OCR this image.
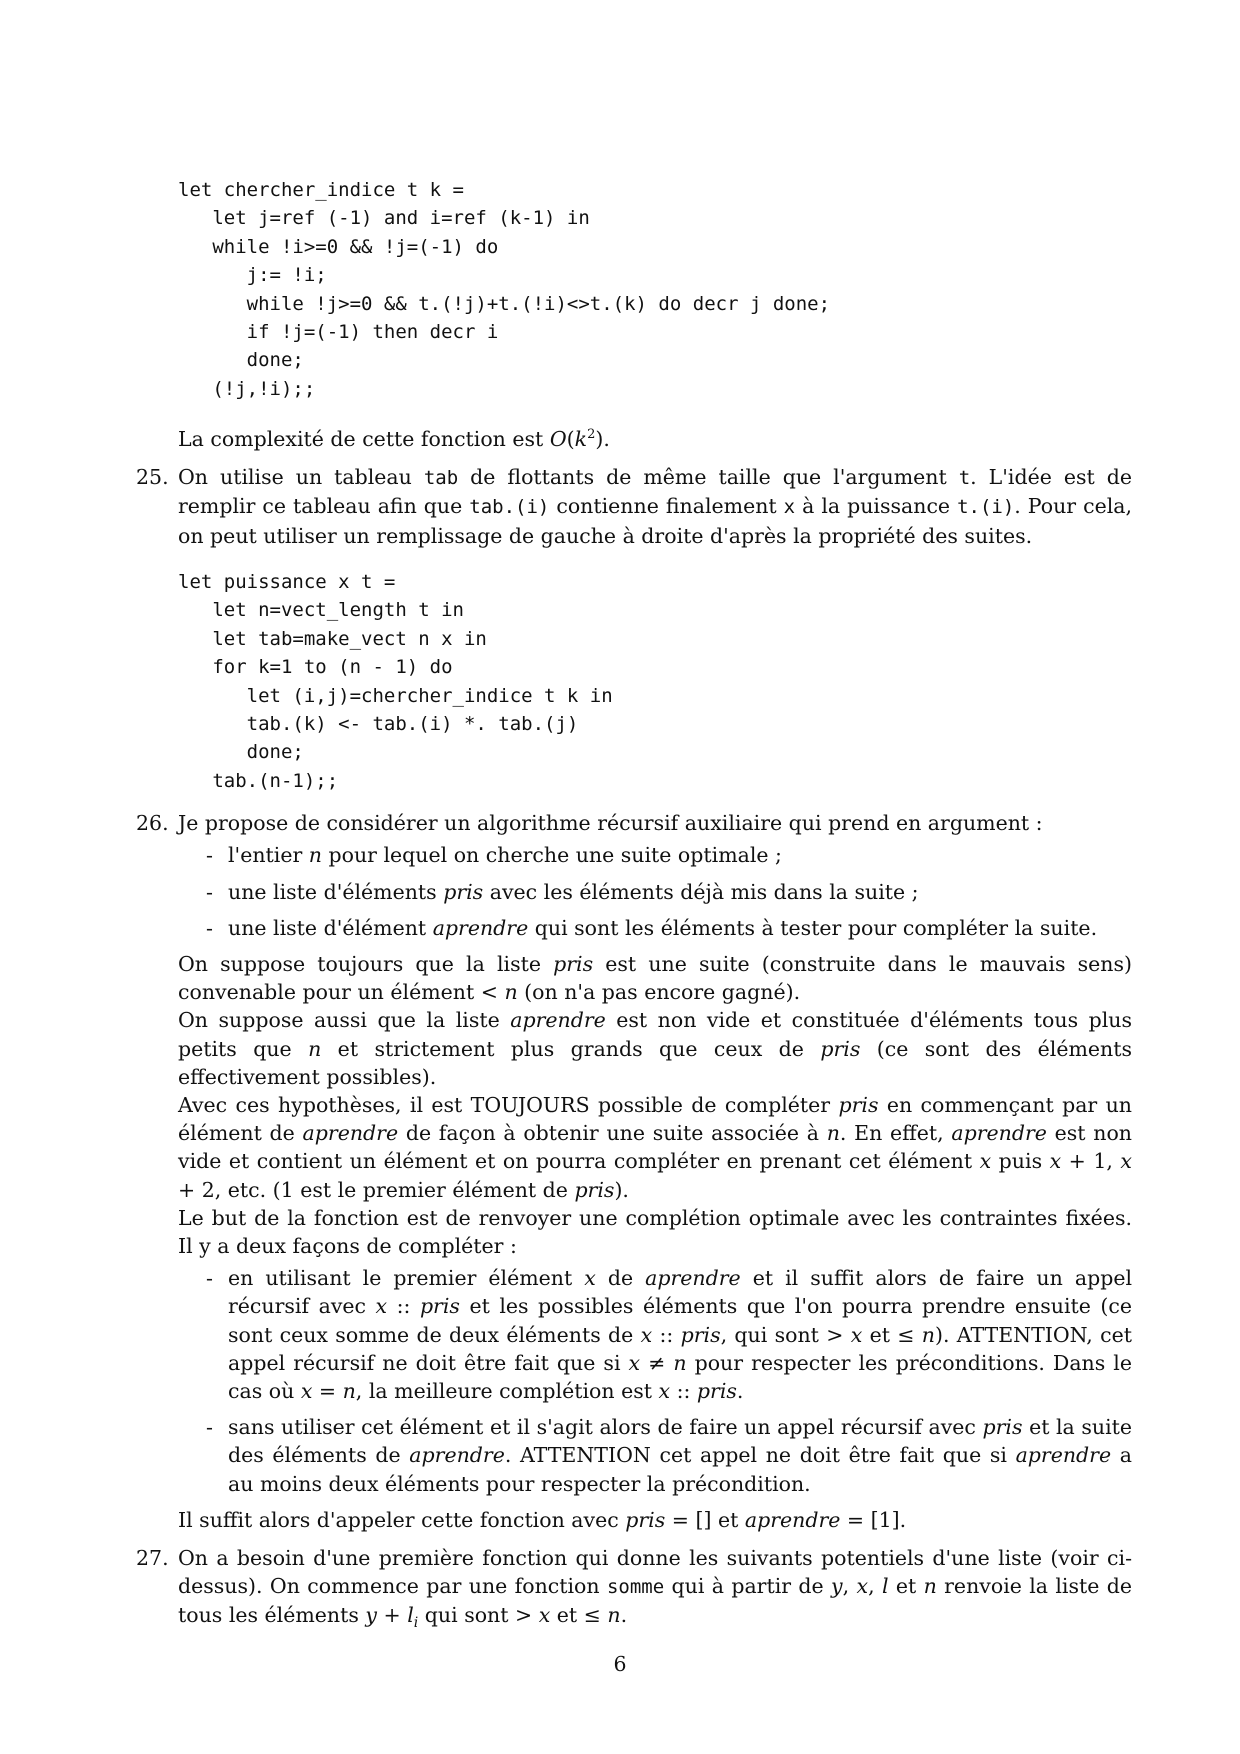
let chercher_indice t k =
let j=ref (-1) and i=ref (k-1) in
while !i>=0 && !j=(-1) do
j:= !i;
while !j>=0 && t.(!j)+t.(!i)<>t.(k) do decr j done;
if !j=(-1) then decr i
done;
(!j,!i);;

La complexité de cette fonction est $O(k^2)$.

25. On utilise un tableau tab de flottants de même taille que l'argument t. L'idée est de remplir ce tableau afin que tab.(i) contienne finalement x à la puissance t.(i). Pour cela, on peut utiliser un remplissage de gauche à droite d'après la propriété des suites.

let puissance x t =
let n=vect_length t in
let tab=make_vect n x in
for k=1 to (n - 1) do
let (i,j)=chercher_indice t k in
tab.(k) <- tab.(i) *. tab.(j)
done;
tab.(n-1);;
26. Je propose de considérer un algorithme récursif auxiliaire qui prend en argument :

- l'entier n pour lequel on cherche une suite optimale ;
- une liste d'éléments pris avec les éléments déjà mis dans la suite ;
- une liste d'élément aprendre qui sont les éléments à tester pour compléter la suite.

On suppose toujours que la liste pris est une suite (construite dans le mauvais sens) convenable pour un élément < n (on n'a pas encore gagné).

On suppose aussi que la liste aprendre est non vide et constituée d'éléments tous plus petits que n et strictement plus grands que ceux de pris (ce sont des éléments effectivement possibles).

Avec ces hypothèses, il est TOUJOURS possible de compléter pris en commençant par un élément de aprendre de façon à obtenir une suite associée à n. En effet, aprendre est non vide et contient un élément et on pourra compléter en prenant cet élément x puis x + 1, x + 2, etc. (1 est le premier élément de pris).

Le but de la fonction est de renvoyer une complétion optimale avec les contraintes fixées. Il y a deux façons de compléter :

- en utilisant le premier élément x de aprendre et il suffit alors de faire un appel récursif avec x :: pris et les possibles éléments que l'on pourra prendre ensuite (ce sont ceux somme de deux éléments de x :: pris, qui sont > x et ≤ n). ATTENTION, cet appel récursif ne doit être fait que si x ≠ n pour respecter les préconditions. Dans le cas où x = n, la meilleure complétion est x :: pris.
- sans utiliser cet élément et il s'agit alors de faire un appel récursif avec pris et la suite des éléments de aprendre. ATTENTION cet appel ne doit être fait que si aprendre a au moins deux éléments pour respecter la précondition.

Il suffit alors d'appeler cette fonction avec pris = [] et aprendre = [1].

27. On a besoin d'une première fonction qui donne les suivants potentiels d'une liste (voir ci-dessus). On commence par une fonction somme qui à partir de y, x, l et n renvoie la liste de tous les éléments $y + l_i$ qui sont > x et ≤ n.

6
